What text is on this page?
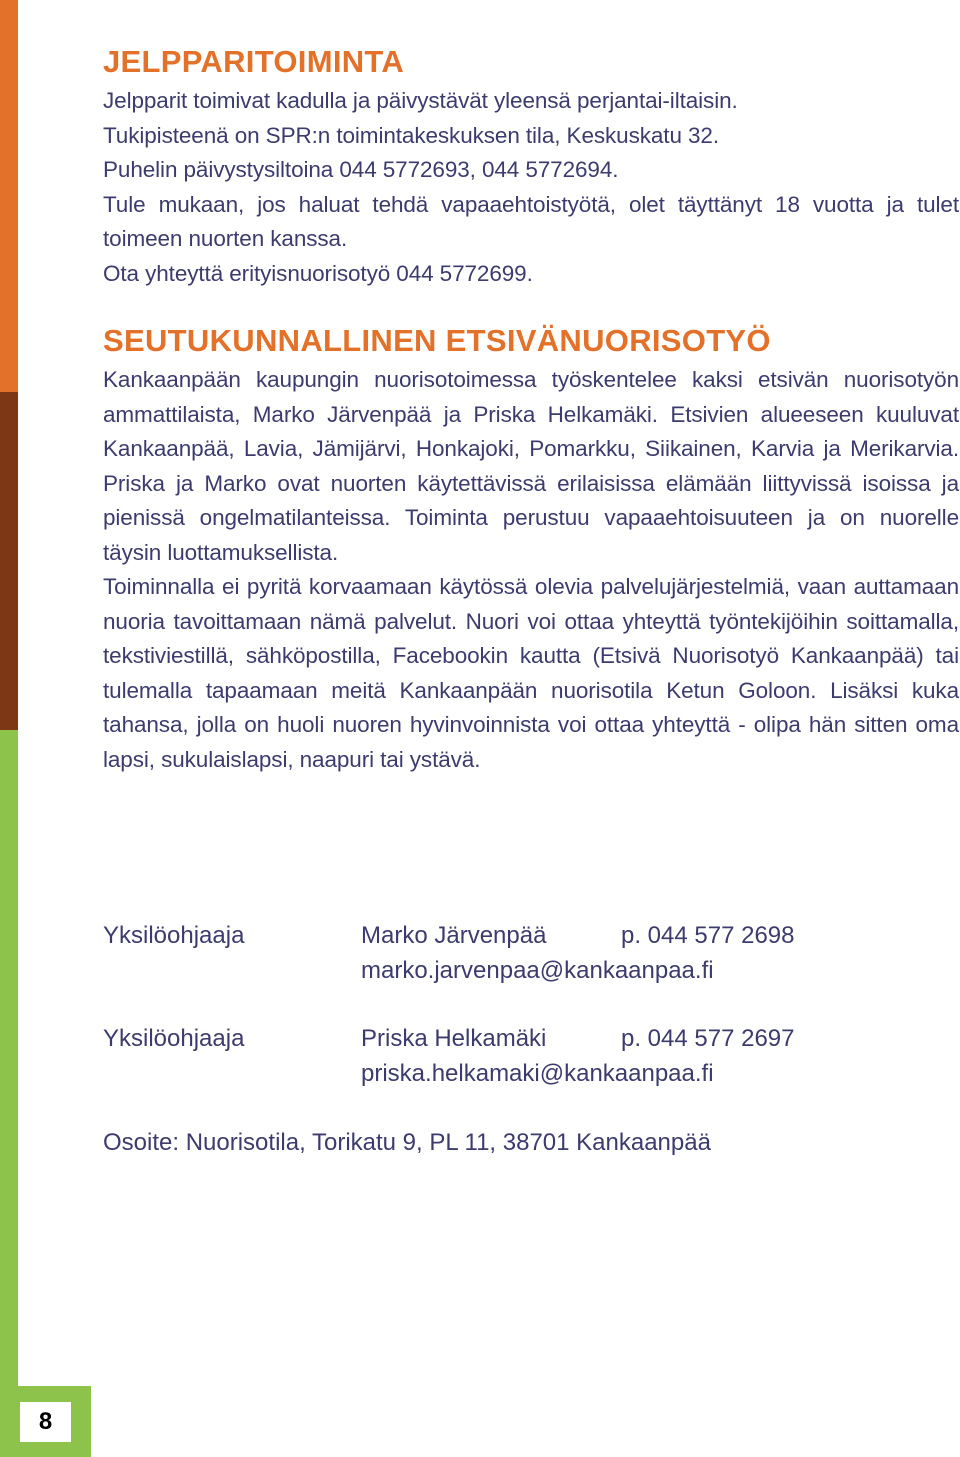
8
JELPPARITOIMINTA

Jelpparit toimivat kadulla ja päivystävät yleensä perjantai-iltaisin.

Tukipisteenä on SPR:n toimintakeskuksen tila, Keskuskatu 32.

Puhelin päivystysiltoina 044 5772693, 044 5772694.

Tule mukaan, jos haluat tehdä vapaaehtoistyötä, olet täyttänyt 18 vuotta ja tulet toimeen nuorten kanssa.

Ota yhteyttä erityisnuorisotyö 044 5772699.

SEUTUKUNNALLINEN ETSIVÄNUORISOTYÖ

Kankaanpään kaupungin nuorisotoimessa työskentelee kaksi etsivän nuorisotyön ammattilaista, Marko Järvenpää ja Priska Helkamäki. Etsivien alueeseen kuuluvat Kankaanpää, Lavia, Jämijärvi, Honkajoki, Pomarkku, Siikainen, Karvia ja Merikarvia. Priska ja Marko ovat nuorten käytettävissä erilaisissa elämään liittyvissä isoissa ja pienissä ongelmatilanteissa. Toiminta perustuu vapaaehtoisuuteen ja on nuorelle täysin luottamuksellista.

Toiminnalla ei pyritä korvaamaan käytössä olevia palvelujärjestelmiä, vaan auttamaan nuoria tavoittamaan nämä palvelut. Nuori voi ottaa yhteyttä työntekijöihin soittamalla, tekstiviestillä, sähköpostilla, Facebookin kautta (Etsivä Nuorisotyö Kankaanpää) tai tulemalla tapaamaan meitä Kankaanpään nuorisotila Ketun Goloon. Lisäksi kuka tahansa, jolla on huoli nuoren hyvinvoinnista voi ottaa yhteyttä - olipa hän sitten oma lapsi, sukulaislapsi, naapuri tai ystävä.

Yksilöohjaaja	Marko Järvenpää	p. 044 577 2698
marko.jarvenpaa@kankaanpaa.fi
Yksilöohjaaja	Priska Helkamäki	p. 044 577 2697
priska.helkamaki@kankaanpaa.fi
Osoite: Nuorisotila, Torikatu 9, PL 11, 38701 Kankaanpää
